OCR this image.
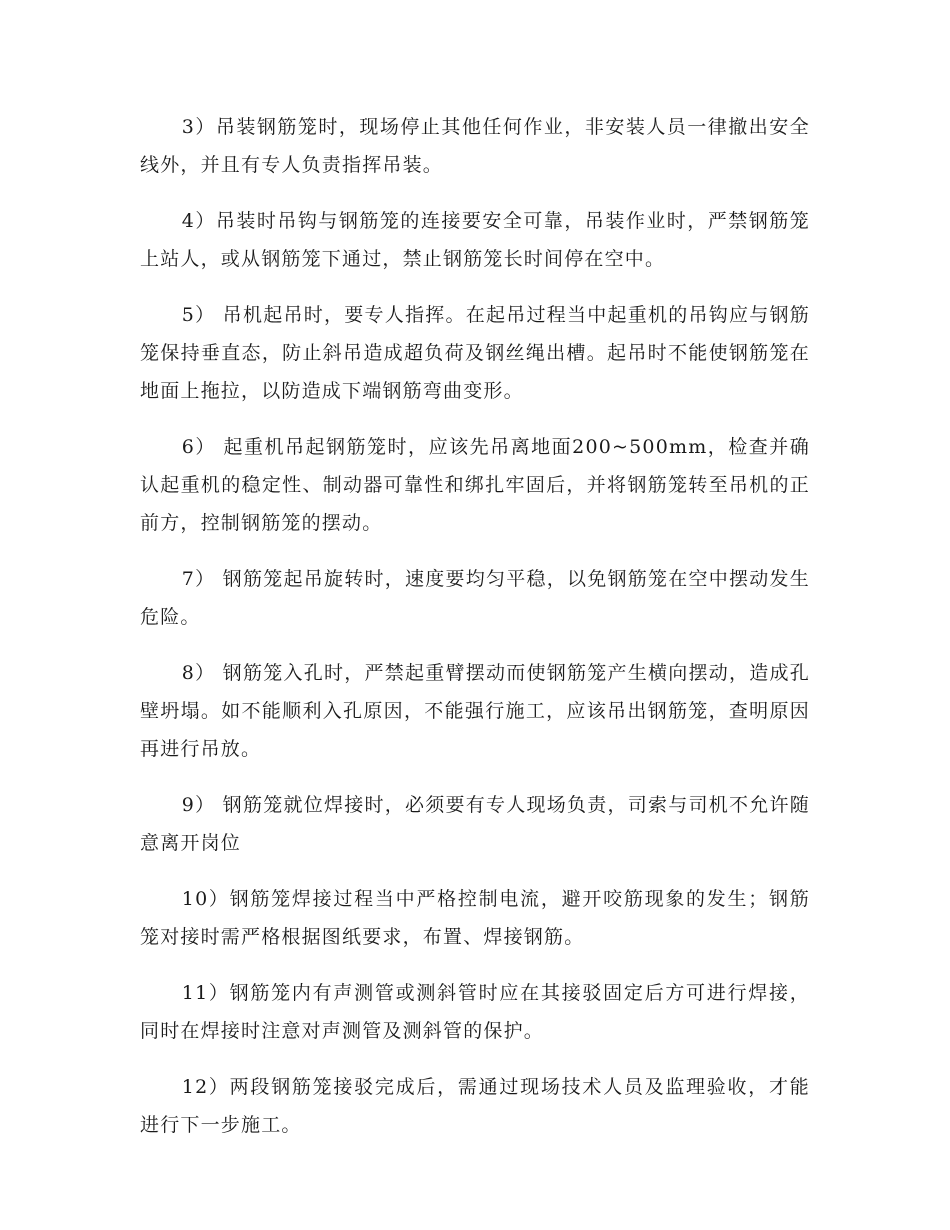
3）吊装钢筋笼时，现场停止其他任何作业，非安装人员一律撤出安全线外，并且有专人负责指挥吊装。

4）吊装时吊钩与钢筋笼的连接要安全可靠，吊装作业时，严禁钢筋笼上站人，或从钢筋笼下通过，禁止钢筋笼长时间停在空中。

5） 吊机起吊时，要专人指挥。在起吊过程当中起重机的吊钩应与钢筋笼保持垂直态，防止斜吊造成超负荷及钢丝绳出槽。起吊时不能使钢筋笼在地面上拖拉，以防造成下端钢筋弯曲变形。

6） 起重机吊起钢筋笼时，应该先吊离地面200~500mm，检查并确认起重机的稳定性、制动器可靠性和绑扎牢固后，并将钢筋笼转至吊机的正前方，控制钢筋笼的摆动。

7） 钢筋笼起吊旋转时，速度要均匀平稳，以免钢筋笼在空中摆动发生危险。

8） 钢筋笼入孔时，严禁起重臂摆动而使钢筋笼产生横向摆动，造成孔壁坍塌。如不能顺利入孔原因，不能强行施工，应该吊出钢筋笼，查明原因再进行吊放。

9） 钢筋笼就位焊接时，必须要有专人现场负责，司索与司机不允许随意离开岗位

10）钢筋笼焊接过程当中严格控制电流，避开咬筋现象的发生；钢筋笼对接时需严格根据图纸要求，布置、焊接钢筋。

11）钢筋笼内有声测管或测斜管时应在其接驳固定后方可进行焊接，同时在焊接时注意对声测管及测斜管的保护。

12）两段钢筋笼接驳完成后，需通过现场技术人员及监理验收，才能进行下一步施工。
